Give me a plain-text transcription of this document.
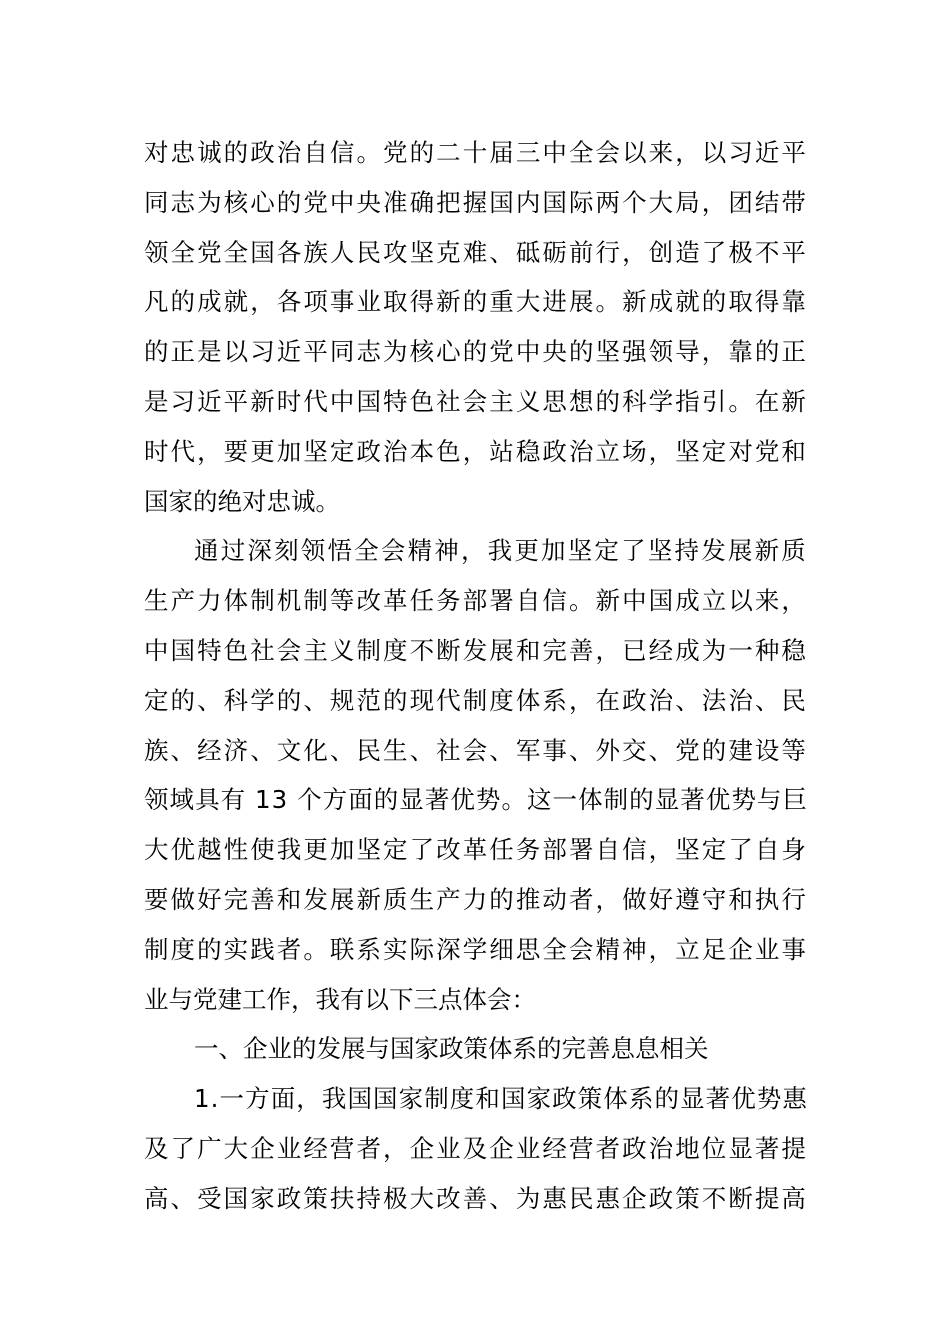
对忠诚的政治自信。党的二十届三中全会以来，以习近平
同志为核心的党中央准确把握国内国际两个大局，团结带
领全党全国各族人民攻坚克难、砥砺前行，创造了极不平
凡的成就，各项事业取得新的重大进展。新成就的取得靠
的正是以习近平同志为核心的党中央的坚强领导，靠的正
是习近平新时代中国特色社会主义思想的科学指引。在新
时代，要更加坚定政治本色，站稳政治立场，坚定对党和
国家的绝对忠诚。
通过深刻领悟全会精神，我更加坚定了坚持发展新质
生产力体制机制等改革任务部署自信。新中国成立以来，
中国特色社会主义制度不断发展和完善，已经成为一种稳
定的、科学的、规范的现代制度体系，在政治、法治、民
族、经济、文化、民生、社会、军事、外交、党的建设等
领域具有 13 个方面的显著优势。这一体制的显著优势与巨
大优越性使我更加坚定了改革任务部署自信，坚定了自身
要做好完善和发展新质生产力的推动者，做好遵守和执行
制度的实践者。联系实际深学细思全会精神，立足企业事
业与党建工作，我有以下三点体会：
一、企业的发展与国家政策体系的完善息息相关
1.一方面，我国国家制度和国家政策体系的显著优势惠
及了广大企业经营者，企业及企业经营者政治地位显著提
高、受国家政策扶持极大改善、为惠民惠企政策不断提高
